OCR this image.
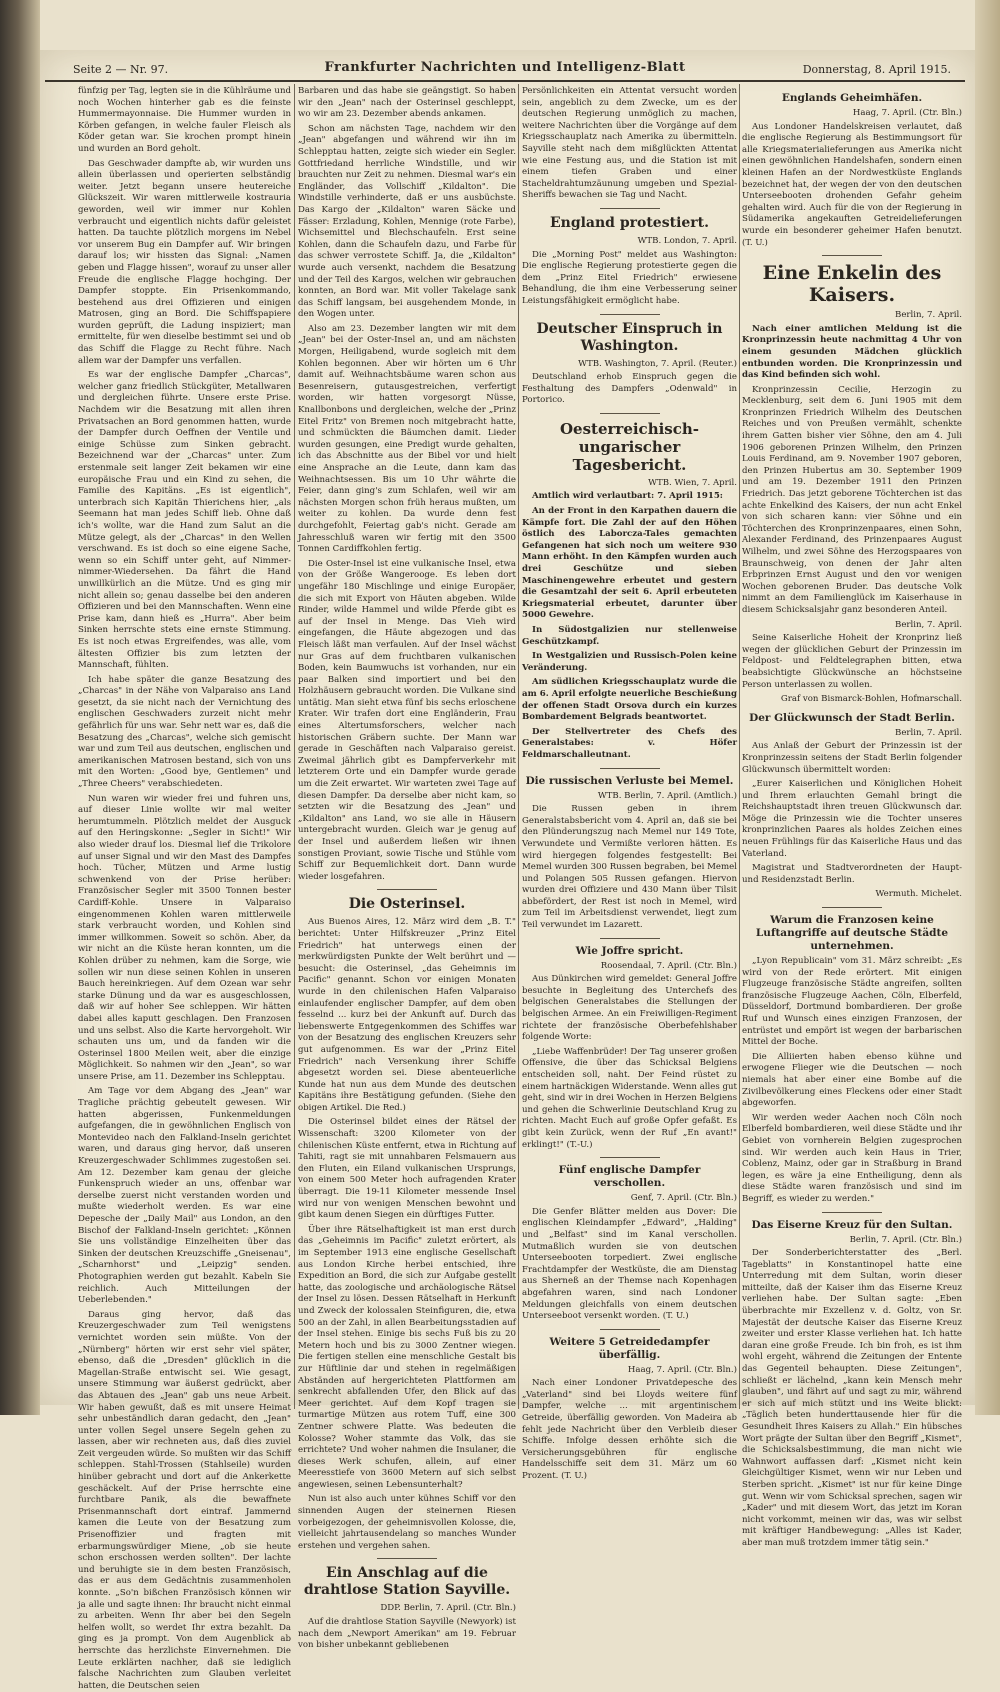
Seite 2 — Nr. 97.	Frankfurter Nachrichten und Intelligenz-Blatt	Donnerstag, 8. April 1915.

fünfzig per Tag, legten sie in die Kühlräume und noch Wochen hinterher gab es die feinste Hummermayonnaise. Die Hummer wurden in Körben gefangen, in welche fauler Fleisch als Köder getan war. Sie krochen prompt hinein und wurden an Bord geholt.

Das Geschwader dampfte ab, wir wurden uns allein überlassen und operierten selbständig weiter. Jetzt begann unsere heutereiche Glückszeit. Wir waren mittlerweile kostrauria geworden, weil wir immer nur Kohlen verbraucht und eigentlich nichts dafür geleistet hatten. Da tauchte plötzlich morgens im Nebel vor unserem Bug ein Dampfer auf. Wir bringen darauf los; wir hissten das Signal: „Namen geben und Flagge hissen", worauf zu unser aller Freude die englische Flagge hochging. Der Dampfer stoppte. Ein Prisenkommando, bestehend aus drei Offizieren und einigen Matrosen, ging an Bord. Die Schiffspapiere wurden geprüft, die Ladung inspiziert; man ermittelte, für wen dieselbe bestimmt sei und ob das Schiff die Flagge zu Recht führe. Nach allem war der Dampfer uns verfallen.

Es war der englische Dampfer „Charcas", welcher ganz friedlich Stückgüter, Metallwaren und dergleichen führte. Unsere erste Prise. Nachdem wir die Besatzung mit allen ihren Privatsachen an Bord genommen hatten, wurde der Dampfer durch Oeffnen der Ventile und einige Schüsse zum Sinken gebracht. Bezeichnend war der „Charcas" unter. Zum erstenmale seit langer Zeit bekamen wir eine europäische Frau und ein Kind zu sehen, die Familie des Kapitäns. „Es ist eigentlich", unterbrach sich Kapitän Thierichens hier, „als Seemann hat man jedes Schiff lieb. Ohne daß ich's wollte, war die Hand zum Salut an die Mütze gelegt, als der „Charcas" in den Wellen verschwand. Es ist doch so eine eigene Sache, wenn so ein Schiff unter geht, auf Nimmer-nimmer-Wiedersehen. Da fährt die Hand unwillkürlich an die Mütze. Und es ging mir nicht allein so; genau dasselbe bei den anderen Offizieren und bei den Mannschaften. Wenn eine Prise kam, dann hieß es „Hurra". Aber beim Sinken herrschte stets eine ernste Stimmung. Es ist noch etwas Ergreifendes, was alle, vom ältesten Offizier bis zum letzten der Mannschaft, fühlten.

Ich habe später die ganze Besatzung des „Charcas" in der Nähe von Valparaiso ans Land gesetzt, da sie nicht nach der Vernichtung des englischen Geschwaders zurzeit nicht mehr gefährlich für uns war. Sehr nett war es, daß die Besatzung des „Charcas", welche sich gemischt war und zum Teil aus deutschen, englischen und amerikanischen Matrosen bestand, sich von uns mit den Worten: „Good bye, Gentlemen" und „Three Cheers" verabschiedeten.

Nun waren wir wieder frei und fuhren uns, auf dieser Linie wollte wir mal weiter herumtummeln. Plötzlich meldet der Ausguck auf den Heringskonne: „Segler in Sicht!" Wir also wieder drauf los. Diesmal lief die Trikolore auf unser Signal und wir den Mast des Dampfes hoch. Tücher, Mützen und Arme lustig schwenkend von der Prise herüber: Französischer Segler mit 3500 Tonnen bester Cardiff-Kohle. Unsere in Valparaiso eingenommenen Kohlen waren mittlerweile stark verbraucht worden, und Kohlen sind immer willkommen. Soweit so schön. Aber, da wir nicht an die Küste heran konnten, um die Kohlen drüber zu nehmen, kam die Sorge, wie sollen wir nun diese seinen Kohlen in unseren Bauch hereinkriegen. Auf dem Ozean war sehr starke Dünung und da war es ausgeschlossen, daß wir auf hoher See schleppen. Wir hätten dabei alles kaputt geschlagen. Den Franzosen und uns selbst. Also die Karte hervorgeholt. Wir schauten uns um, und da fanden wir die Osterinsel 1800 Meilen weit, aber die einzige Möglichkeit. So nahmen wir den „Jean", so war unsere Prise, am 11. Dezember ins Schlepptau.

Am Tage vor dem Abgang des „Jean" war Tragliche prächtig gebeutelt gewesen. Wir hatten abgerissen, Funkenmeldungen aufgefangen, die in gewöhnlichen Englisch von Montevideo nach den Falkland-Inseln gerichtet waren, und daraus ging hervor, daß unseren Kreuzergeschwader Schlimmes zugestoßen sei. Am 12. Dezember kam genau der gleiche Funkenspruch wieder an uns, offenbar war derselbe zuerst nicht verstanden worden und mußte wiederholt werden. Es war eine Depesche der „Daily Mail" aus London, an den Bischof der Falkland-Inseln gerichtet: „Können Sie uns vollständige Einzelheiten über das Sinken der deutschen Kreuzschiffe „Gneisenau", „Scharnhorst" und „Leipzig" senden. Photographien werden gut bezahlt. Kabeln Sie reichlich. Auch Mitteilungen der Ueberlebenden."

Daraus ging hervor, daß das Kreuzergeschwader zum Teil wenigstens vernichtet worden sein müßte. Von der „Nürnberg" hörten wir erst sehr viel später, ebenso, daß die „Dresden" glücklich in die Magellan-Straße entwischt sei. Wie gesagt, unsere Stimmung war äußerst gedrückt, aber das Abtauen des „Jean" gab uns neue Arbeit. Wir haben gewußt, daß es mit unsere Heimat sehr unbeständlich daran gedacht, den „Jean" unter vollen Segel unsere Segeln gehen zu lassen, aber wir rechneten aus, daß dies zuviel Zeit vergeuden würde. So mußten wir das Schiff schleppen. Stahl-Trossen (Stahlseile) wurden hinüber gebracht und dort auf die Ankerkette geschäckelt. Auf der Prise herrschte eine furchtbare Panik, als die bewaffnete Prisenmannschaft dort eintraf. Jammernd kamen die Leute von der Besatzung zum Prisenoffizier und fragten mit erbarmungswürdiger Miene, „ob sie heute schon erschossen werden sollten". Der lachte und beruhigte sie in dem besten Französisch, das er aus dem Gedächtnis zusammenholen konnte. „So'n bißchen Französisch können wir ja alle und sagte ihnen: Ihr braucht nicht einmal zu arbeiten. Wenn Ihr aber bei den Segeln helfen wollt, so werdet Ihr extra bezahlt. Da ging es ja prompt. Von dem Augenblick ab herrschte das herzlichste Einvernehmen. Die Leute erklärten nachher, daß sie lediglich falsche Nachrichten zum Glauben verleitet hatten, die Deutschen seien

Barbaren und das habe sie geängstigt. So haben wir den „Jean" nach der Osterinsel geschleppt, wo wir am 23. Dezember abends ankamen.

Schon am nächsten Tage, nachdem wir den „Jean" abgefangen und während wir ihn im Schlepptau hatten, zeigte sich wieder ein Segler. Gottfriedand herrliche Windstille, und wir brauchten nur Zeit zu nehmen. Diesmal war's ein Engländer, das Vollschiff „Kildalton". Die Windstille verhinderte, daß er uns ausbüchste. Das Kargo der „Kildalton" waren Säcke und Fässer: Erzladung, Kohlen, Mennige (rote Farbe), Wichsemittel und Blechschaufeln. Erst seine Kohlen, dann die Schaufeln dazu, und Farbe für das schwer verrostete Schiff. Ja, die „Kildalton" wurde auch versenkt, nachdem die Besatzung und der Teil des Kargos, welchen wir gebrauchen konnten, an Bord war. Mit voller Takelage sank das Schiff langsam, bei ausgehendem Monde, in den Wogen unter.

Also am 23. Dezember langten wir mit dem „Jean" bei der Oster-Insel an, und am nächsten Morgen, Heiligabend, wurde sogleich mit dem Kohlen begonnen. Aber wir hörten um 6 Uhr damit auf. Weihnachtsbäume waren schon aus Besenreisern, gutausgestreichen, verfertigt worden, wir hatten vorgesorgt Nüsse, Knallbonbons und dergleichen, welche der „Prinz Eitel Fritz" von Bremen noch mitgebracht hatte, und schmückten die Bäumchen damit. Lieder wurden gesungen, eine Predigt wurde gehalten, ich das Abschnitte aus der Bibel vor und hielt eine Ansprache an die Leute, dann kam das Weihnachtsessen. Bis um 10 Uhr währte die Feier, dann ging's zum Schlafen, weil wir am nächsten Morgen schon früh heraus mußten, um weiter zu kohlen. Da wurde denn fest durchgefohlt, Feiertag gab's nicht. Gerade am Jahresschluß waren wir fertig mit den 3500 Tonnen Cardiffkohlen fertig.

Die Oster-Insel ist eine vulkanische Insel, etwa von der Größe Wangerooge. Es leben dort ungefähr 180 Mischlinge und einige Europäer, die sich mit Export von Häuten abgeben. Wilde Rinder, wilde Hammel und wilde Pferde gibt es auf der Insel in Menge. Das Vieh wird eingefangen, die Häute abgezogen und das Fleisch läßt man verfaulen. Auf der Insel wächst nur Gras auf dem fruchtbaren vulkanischen Boden, kein Baumwuchs ist vorhanden, nur ein paar Balken sind importiert und bei den Holzhäusern gebraucht worden. Die Vulkane sind untätig. Man sieht etwa fünf bis sechs erloschene Krater. Wir trafen dort eine Engländerin, Frau eines Altertumsforschers, welcher nach historischen Gräbern suchte. Der Mann war gerade in Geschäften nach Valparaiso gereist. Zweimal jährlich gibt es Dampferverkehr mit letzterem Orte und ein Dampfer wurde gerade um die Zeit erwartet. Wir warteten zwei Tage auf diesen Dampfer. Da derselbe aber nicht kam, so setzten wir die Besatzung des „Jean" und „Kildalton" ans Land, wo sie alle in Häusern untergebracht wurden. Gleich war je genug auf der Insel und außerdem ließen wir ihnen sonstigen Proviant, sowie Tische und Stühle vom Schiff zur Bequemlichkeit dort. Dann wurde wieder losgefahren.

Die Osterinsel.

Aus Buenos Aires, 12. März wird dem „B. T." berichtet: Unter Hilfskreuzer „Prinz Eitel Friedrich" hat unterwegs einen der merkwürdigsten Punkte der Welt berührt und — besucht: die Osterinsel, „das Geheimnis im Pacific" genannt. Schon vor einigen Monaten wurde in den chilenischen Hafen Valparaiso einlaufender englischer Dampfer, auf dem oben fesselnd ... kurz bei der Ankunft auf. Durch das liebenswerte Entgegenkommen des Schiffes war von der Besatzung des englischen Kreuzers sehr gut aufgenommen. Es war der „Prinz Eitel Friedrich" nach Versenkung ihrer Schiffe abgesetzt worden sei. Diese abenteuerliche Kunde hat nun aus dem Munde des deutschen Kapitäns ihre Bestätigung gefunden. (Siehe den obigen Artikel. Die Red.)

Die Osterinsel bildet eines der Rätsel der Wissenschaft: 3200 Kilometer von der chilenischen Küste entfernt, etwa in Richtung auf Tahiti, ragt sie mit unnahbaren Felsmauern aus den Fluten, ein Eiland vulkanischen Ursprungs, von einem 500 Meter hoch aufragenden Krater überragt. Die 19-11 Kilometer messende Insel wird nur von wenigen Menschen bewohnt und gibt kaum denen Siegen ein dürftiges Futter.

Über ihre Rätselhaftigkeit ist man erst durch das „Geheimnis im Pacific" zuletzt erörtert, als im September 1913 eine englische Gesellschaft aus London Kirche herbei entschied, ihre Expedition an Bord, die sich zur Aufgabe gestellt hatte, das zoologische und archäologische Rätsel der Insel zu lösen. Dessen Rätselhaft in Herkunft und Zweck der kolossalen Steinfiguren, die, etwa 500 an der Zahl, in allen Bearbeitungsstadien auf der Insel stehen. Einige bis sechs Fuß bis zu 20 Metern hoch und bis zu 3000 Zentner wiegen. Die fertigen stellen eine menschliche Gestalt bis zur Hüftlinie dar und stehen in regelmäßigen Abständen auf hergerichteten Plattformen am senkrecht abfallenden Ufer, den Blick auf das Meer gerichtet. Auf dem Kopf tragen sie turmartige Mützen aus rotem Tuff, eine 300 Zentner schwere Platte. Was bedeuten die Kolosse? Woher stammte das Volk, das sie errichtete? Und woher nahmen die Insulaner, die dieses Werk schufen, allein, auf einer Meeresstiefe von 3600 Metern auf sich selbst angewiesen, seinen Lebensunterhalt?

Nun ist also auch unter kühnes Schiff vor den sinnenden Augen der steinernen Riesen vorbeigezogen, der geheimnisvollen Kolosse, die, vielleicht jahrtausendelang so manches Wunder erstehen und vergehen sahen.

Ein Anschlag auf die drahtlose Station Sayville.

DDP. Berlin, 7. April. (Ctr. Bln.)

Auf die drahtlose Station Sayville (Newyork) ist nach dem „Newport Amerikan" am 19. Februar von bisher unbekannt gebliebenen

Persönlichkeiten ein Attentat versucht worden sein, angeblich zu dem Zwecke, um es der deutschen Regierung unmöglich zu machen, weitere Nachrichten über die Vorgänge auf dem Kriegsschauplatz nach Amerika zu übermitteln. Sayville steht nach dem mißglückten Attentat wie eine Festung aus, und die Station ist mit einem tiefen Graben und einer Stacheldrahtumzäunung umgeben und Spezial-Sheriffs bewachen sie Tag und Nacht.

England protestiert.

WTB. London, 7. April.

Die „Morning Post" meldet aus Washington: Die englische Regierung protestierte gegen die dem „Prinz Eitel Friedrich" erwiesene Behandlung, die ihm eine Verbesserung seiner Leistungsfähigkeit ermöglicht habe.

Deutscher Einspruch in Washington.

WTB. Washington, 7. April. (Reuter.)

Deutschland erhob Einspruch gegen die Festhaltung des Dampfers „Odenwald" in Portorico.

Oesterreichisch-ungarischer Tagesbericht.

WTB. Wien, 7. April.

Amtlich wird verlautbart: 7. April 1915:

An der Front in den Karpathen dauern die Kämpfe fort. Die Zahl der auf den Höhen östlich des Laborcza-Tales gemachten Gefangenen hat sich noch um weitere 930 Mann erhöht. In den Kämpfen wurden auch drei Geschütze und sieben Maschinengewehre erbeutet und gestern die Gesamtzahl der seit 6. April erbeuteten Kriegsmaterial erbeutet, darunter über 5000 Gewehre.

In Südostgalizien nur stellenweise Geschützkampf.

In Westgalizien und Russisch-Polen keine Veränderung.

Am südlichen Kriegsschauplatz wurde die am 6. April erfolgte neuerliche Beschießung der offenen Stadt Orsova durch ein kurzes Bombardement Belgrads beantwortet.

Der Stellvertreter des Chefs des Generalstabes: v. Höfer Feldmarschalleutnant.

Die russischen Verluste bei Memel.

WTB. Berlin, 7. April. (Amtlich.)

Die Russen geben in ihrem Generalstabsbericht vom 4. April an, daß sie bei den Plünderungszug nach Memel nur 149 Tote, Verwundete und Vermißte verloren hätten. Es wird hiergegen folgendes festgestellt: Bei Memel wurden 300 Russen begraben, bei Memel und Polangen 505 Russen gefangen. Hiervon wurden drei Offiziere und 430 Mann über Tilsit abbefördert, der Rest ist noch in Memel, wird zum Teil im Arbeitsdienst verwendet, liegt zum Teil verwundet im Lazarett.

Wie Joffre spricht.

Roosendaal, 7. April. (Ctr. Bln.)

Aus Dünkirchen wird gemeldet: General Joffre besuchte in Begleitung des Unterchefs des belgischen Generalstabes die Stellungen der belgischen Armee. An ein Freiwilligen-Regiment richtete der französische Oberbefehlshaber folgende Worte:

„Liebe Waffenbrüder! Der Tag unserer großen Offensive, die über das Schicksal Belgiens entscheiden soll, naht. Der Feind rüstet zu einem hartnäckigen Widerstande. Wenn alles gut geht, sind wir in drei Wochen in Herzen Belgiens und gehen die Schwerlinie Deutschland Krug zu richten. Macht Euch auf große Opfer gefaßt. Es gibt kein Zurück, wenn der Ruf „En avant!" erklingt!" (T.-U.)

Fünf englische Dampfer verschollen.

Genf, 7. April. (Ctr. Bln.)

Die Genfer Blätter melden aus Dover: Die englischen Kleindampfer „Edward", „Halding" und „Belfast" sind im Kanal verschollen. Mutmaßlich wurden sie von deutschen Unterseebooten torpediert. Zwei englische Frachtdampfer der Westküste, die am Dienstag aus Sherneß an der Themse nach Kopenhagen abgefahren waren, sind nach Londoner Meldungen gleichfalls von einem deutschen Unterseeboot versenkt worden. (T. U.)

Weitere 5 Getreidedampfer überfällig.

Haag, 7. April. (Ctr. Bln.)

Nach einer Londoner Privatdepesche des „Vaterland" sind bei Lloyds weitere fünf Dampfer, welche ... mit argentinischem Getreide, überfällig geworden. Von Madeira ab fehlt jede Nachricht über den Verbleib dieser Schiffe. Infolge dessen erhöhte sich die Versicherungsgebühren für englische Handelsschiffe seit dem 31. März um 60 Prozent. (T. U.)

Englands Geheimhäfen.

Haag, 7. April. (Ctr. Bln.)

Aus Londoner Handelskreisen verlautet, daß die englische Regierung als Bestimmungsort für alle Kriegsmaterialieferungen aus Amerika nicht einen gewöhnlichen Handelshafen, sondern einen kleinen Hafen an der Nordwestküste Englands bezeichnet hat, der wegen der von den deutschen Unterseebooten drohenden Gefahr geheim gehalten wird. Auch für die von der Regierung in Südamerika angekauften Getreidelieferungen wurde ein besonderer geheimer Hafen benutzt. (T. U.)

Eine Enkelin des Kaisers.

Berlin, 7. April.

Nach einer amtlichen Meldung ist die Kronprinzessin heute nachmittag 4 Uhr von einem gesunden Mädchen glücklich entbunden worden. Die Kronprinzessin und das Kind befinden sich wohl.

Kronprinzessin Cecilie, Herzogin zu Mecklenburg, seit dem 6. Juni 1905 mit dem Kronprinzen Friedrich Wilhelm des Deutschen Reiches und von Preußen vermählt, schenkte ihrem Gatten bisher vier Söhne, den am 4. Juli 1906 geborenen Prinzen Wilhelm, den Prinzen Louis Ferdinand, am 9. November 1907 geboren, den Prinzen Hubertus am 30. September 1909 und am 19. Dezember 1911 den Prinzen Friedrich. Das jetzt geborene Töchterchen ist das achte Enkelkind des Kaisers, der nun acht Enkel von sich scharen kann: vier Söhne und ein Töchterchen des Kronprinzenpaares, einen Sohn, Alexander Ferdinand, des Prinzenpaares August Wilhelm, und zwei Söhne des Herzogspaares von Braunschweig, von denen der Jahr alten Erbprinzen Ernst August und den vor wenigen Wochen geborenen Bruder. Das deutsche Volk nimmt an dem Familienglück im Kaiserhause in diesem Schicksalsjahr ganz besonderen Anteil.

Berlin, 7. April.

Seine Kaiserliche Hoheit der Kronprinz ließ wegen der glücklichen Geburt der Prinzessin im Feldpost- und Feldtelegraphen bitten, etwa beabsichtigte Glückwünsche an höchstseine Person unterlassen zu wollen.

Graf von Bismarck-Bohlen, Hofmarschall.

Der Glückwunsch der Stadt Berlin.

Berlin, 7. April.

Aus Anlaß der Geburt der Prinzessin ist der Kronprinzessin seitens der Stadt Berlin folgender Glückwunsch übermittelt worden:

„Eurer Kaiserlichen und Königlichen Hoheit und Ihrem erlauchten Gemahl bringt die Reichshauptstadt ihren treuen Glückwunsch dar. Möge die Prinzessin wie die Tochter unseres kronprinzlichen Paares als holdes Zeichen eines neuen Frühlings für das Kaiserliche Haus und das Vaterland.

Magistrat und Stadtverordneten der Haupt- und Residenzstadt Berlin.

Wermuth. Michelet.

Warum die Franzosen keine Luftangriffe auf deutsche Städte unternehmen.

„Lyon Republicain" vom 31. März schreibt: „Es wird von der Rede erörtert. Mit einigen Flugzeuge französische Städte angreifen, sollten französische Flugzeuge Aachen, Cöln, Elberfeld, Düsseldorf, Dortmund bombardieren. Der große Ruf und Wunsch eines einzigen Franzosen, der entrüstet und empört ist wegen der barbarischen Mittel der Boche.

Die Alliierten haben ebenso kühne und erwogene Flieger wie die Deutschen — noch niemals hat aber einer eine Bombe auf die Zivilbevölkerung eines Fleckens oder einer Stadt abgeworfen.

Wir werden weder Aachen noch Cöln noch Elberfeld bombardieren, weil diese Städte und ihr Gebiet von vornherein Belgien zugesprochen sind. Wir werden auch kein Haus in Trier, Coblenz, Mainz, oder gar in Straßburg in Brand legen, es wäre ja eine Entheiligung, denn als diese Städte waren französisch und sind im Begriff, es wieder zu werden."

Das Eiserne Kreuz für den Sultan.

Berlin, 7. April. (Ctr. Bln.)

Der Sonderberichterstatter des „Berl. Tageblatts" in Konstantinopel hatte eine Unterredung mit dem Sultan, worin dieser mitteilte, daß der Kaiser ihm das Eiserne Kreuz verliehen habe. Der Sultan sagte: „Eben überbrachte mir Exzellenz v. d. Goltz, von Sr. Majestät der deutsche Kaiser das Eiserne Kreuz zweiter und erster Klasse verliehen hat. Ich hatte daran eine große Freude. Ich bin froh, es ist ihm wohl ergeht, während die Zeitungen der Entente das Gegenteil behaupten. Diese Zeitungen", schließt er lächelnd, „kann kein Mensch mehr glauben", und fährt auf und sagt zu mir, während er sich auf mich stützt und ins Weite blickt: „Täglich beten hunderttausende hier für die Gesundheit Ihres Kaisers zu Allah." Ein hübsches Wort prägte der Sultan über den Begriff „Kismet", die Schicksalsbestimmung, die man nicht wie Wahnwort auffassen darf: „Kismet nicht kein Gleichgültiger Kismet, wenn wir nur Leben und Sterben spricht. „Kismet" ist nur für keine Dinge gut. Wenn wir vom Schicksal sprechen, sagen wir „Kader" und mit diesem Wort, das jetzt im Koran nicht vorkommt, meinen wir das, was wir selbst mit kräftiger Handbewegung: „Alles ist Kader, aber man muß trotzdem immer tätig sein."
